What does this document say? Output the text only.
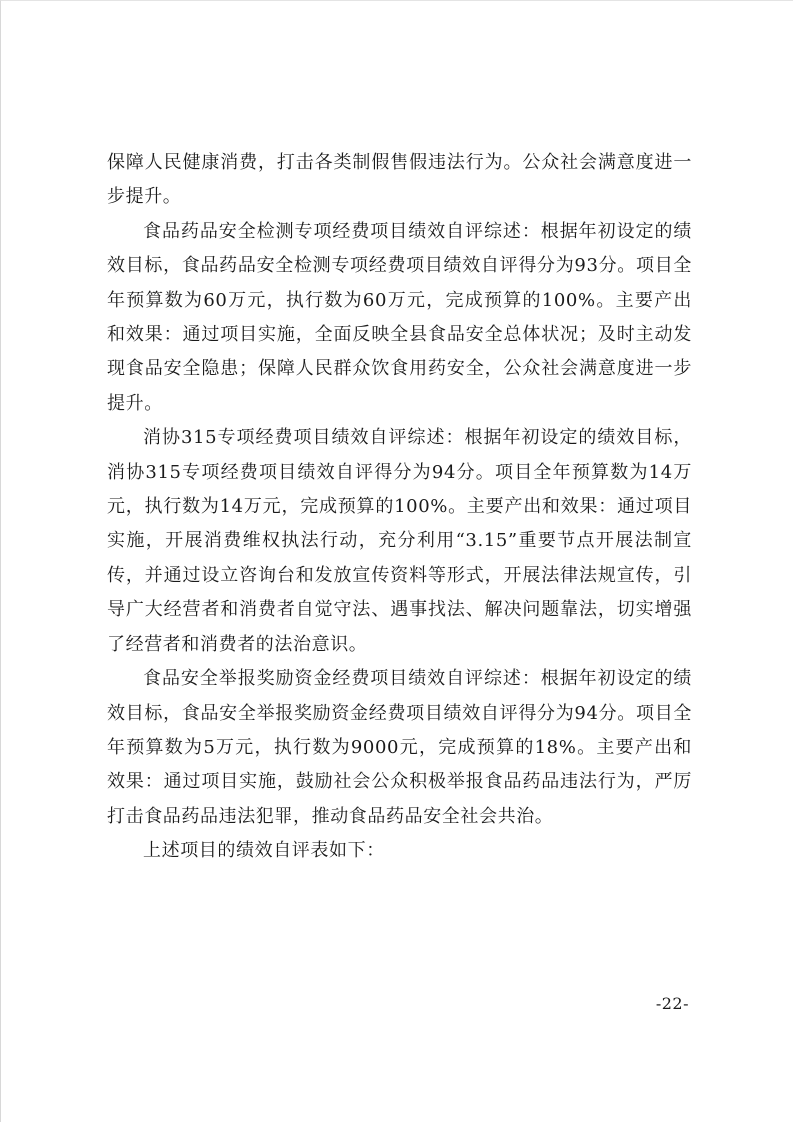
保障人民健康消费，打击各类制假售假违法行为。公众社会满意度进一步提升。

食品药品安全检测专项经费项目绩效自评综述：根据年初设定的绩效目标，食品药品安全检测专项经费项目绩效自评得分为93分。项目全年预算数为60万元，执行数为60万元，完成预算的100%。主要产出和效果：通过项目实施，全面反映全县食品安全总体状况；及时主动发现食品安全隐患；保障人民群众饮食用药安全，公众社会满意度进一步提升。

消协315专项经费项目绩效自评综述：根据年初设定的绩效目标，消协315专项经费项目绩效自评得分为94分。项目全年预算数为14万元，执行数为14万元，完成预算的100%。主要产出和效果：通过项目实施，开展消费维权执法行动，充分利用“3.15”重要节点开展法制宣传，并通过设立咨询台和发放宣传资料等形式，开展法律法规宣传，引导广大经营者和消费者自觉守法、遇事找法、解决问题靠法，切实增强了经营者和消费者的法治意识。

食品安全举报奖励资金经费项目绩效自评综述：根据年初设定的绩效目标，食品安全举报奖励资金经费项目绩效自评得分为94分。项目全年预算数为5万元，执行数为9000元，完成预算的18%。主要产出和效果：通过项目实施，鼓励社会公众积极举报食品药品违法行为，严厉打击食品药品违法犯罪，推动食品药品安全社会共治。

上述项目的绩效自评表如下：

-22-
